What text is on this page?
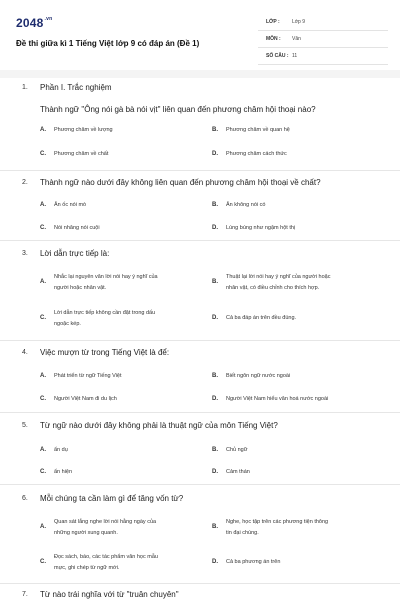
$2048^{.vn}$
Đề thi giữa kì 1 Tiếng Việt lớp 9 có đáp án (Đề 1)
LỚP : Lớp 9
MÔN : Văn
SỐ CÂU : 11
1. Phần I. Trắc nghiệm
Thành ngữ "Ông nói gà bà nói vịt" liên quan đến phương châm hội thoại nào?
A. Phương châm về lượng	B. Phương châm về quan hệ
C. Phương châm về chất	D. Phương châm cách thức
2. Thành ngữ nào dưới đây không liên quan đến phương châm hội thoại về chất?
A. Ăn ốc nói mò	B. Ăn không nói có
C. Nói nhăng nói cuội	D. Lúng búng như ngậm hột thị
3. Lời dẫn trực tiếp là:
A.
Nhắc lại nguyên văn lời nói hay ý nghĩ của
người hoặc nhân vật.
B.
Thuật lại lời nói hay ý nghĩ của người hoặc
nhân vật, có điều chỉnh cho thích hợp.
C.
Lời dẫn trực tiếp không cần đặt trong dấu
ngoặc kép.
D. Cả ba đáp án trên đều đúng.
4. Việc mượn từ trong Tiếng Việt là để:
A. Phát triển từ ngữ Tiếng Việt	B. Biết ngôn ngữ nước ngoài
C. Người Việt Nam đi du lịch	D. Người Việt Nam hiểu văn hoá nước ngoài
5. Từ ngữ nào dưới đây không phải là thuật ngữ của môn Tiếng Việt?
A. ẩn dụ	B. Chủ ngữ
C. ẩn hiện	D. Cảm thán
6. Mỗi chúng ta cần làm gì để tăng vốn từ?
A.
Quan sát lắng nghe lời nói hằng ngày của
những người xung quanh.
B.
Nghe, học tập trên các phương tiện thông
tin đại chúng.
C.
Đọc sách, báo, các tác phẩm văn học mẫu
mực, ghi chép từ ngữ mới.
D. Cả ba phương án trên
7. Từ nào trái nghĩa với từ "truân chuyên"
